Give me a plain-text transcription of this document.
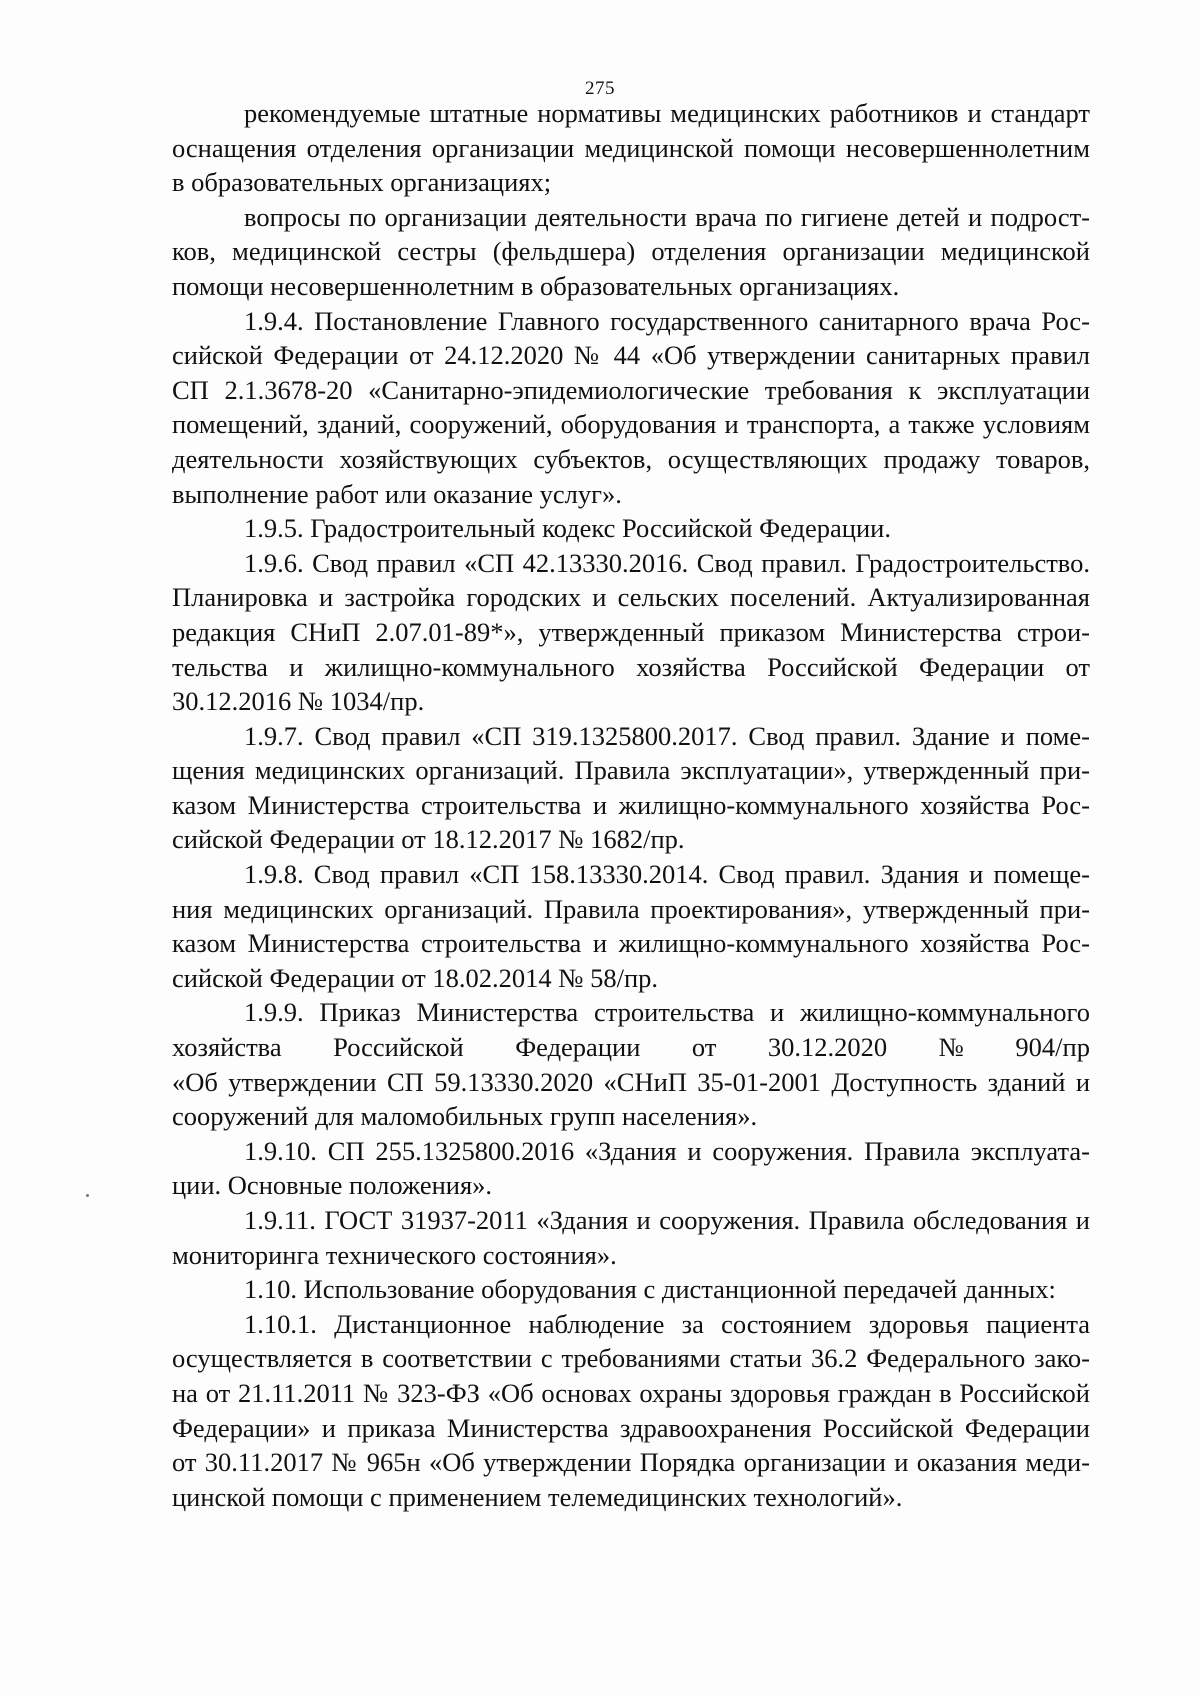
275

рекомендуемые штатные нормативы медицинских работников и стандарт оснащения отделения организации медицинской помощи несовершеннолетним в образовательных организациях;

вопросы по организации деятельности врача по гигиене детей и подрост-ков, медицинской сестры (фельдшера) отделения организации медицинской помощи несовершеннолетним в образовательных организациях.

1.9.4. Постановление Главного государственного санитарного врача Рос-сийской Федерации от 24.12.2020 № 44 «Об утверждении санитарных правил СП 2.1.3678-20 «Санитарно-эпидемиологические требования к эксплуатации помещений, зданий, сооружений, оборудования и транспорта, а также условиям деятельности хозяйствующих субъектов, осуществляющих продажу товаров, выполнение работ или оказание услуг».

1.9.5. Градостроительный кодекс Российской Федерации.

1.9.6. Свод правил «СП 42.13330.2016. Свод правил. Градостроительство. Планировка и застройка городских и сельских поселений. Актуализированная редакция СНиП 2.07.01-89*», утвержденный приказом Министерства строи-тельства и жилищно-коммунального хозяйства Российской Федерации от 30.12.2016 № 1034/пр.

1.9.7. Свод правил «СП 319.1325800.2017. Свод правил. Здание и поме-щения медицинских организаций. Правила эксплуатации», утвержденный при-казом Министерства строительства и жилищно-коммунального хозяйства Рос-сийской Федерации от 18.12.2017 № 1682/пр.

1.9.8. Свод правил «СП 158.13330.2014. Свод правил. Здания и помеще-ния медицинских организаций. Правила проектирования», утвержденный при-казом Министерства строительства и жилищно-коммунального хозяйства Рос-сийской Федерации от 18.02.2014 № 58/пр.

1.9.9. Приказ Министерства строительства и жилищно-коммунального

хозяйства Российской Федерации от 30.12.2020 № 904/пр

«Об утверждении СП 59.13330.2020 «СНиП 35-01-2001 Доступность зданий и сооружений для маломобильных групп населения».

1.9.10. СП 255.1325800.2016 «Здания и сооружения. Правила эксплуата-ции. Основные положения».

1.9.11. ГОСТ 31937-2011 «Здания и сооружения. Правила обследования и мониторинга технического состояния».

1.10. Использование оборудования с дистанционной передачей данных:

1.10.1. Дистанционное наблюдение за состоянием здоровья пациента осуществляется в соответствии с требованиями статьи 36.2 Федерального зако-на от 21.11.2011 № 323-ФЗ «Об основах охраны здоровья граждан в Российской Федерации» и приказа Министерства здравоохранения Российской Федерации от 30.11.2017 № 965н «Об утверждении Порядка организации и оказания меди-цинской помощи с применением телемедицинских технологий».
